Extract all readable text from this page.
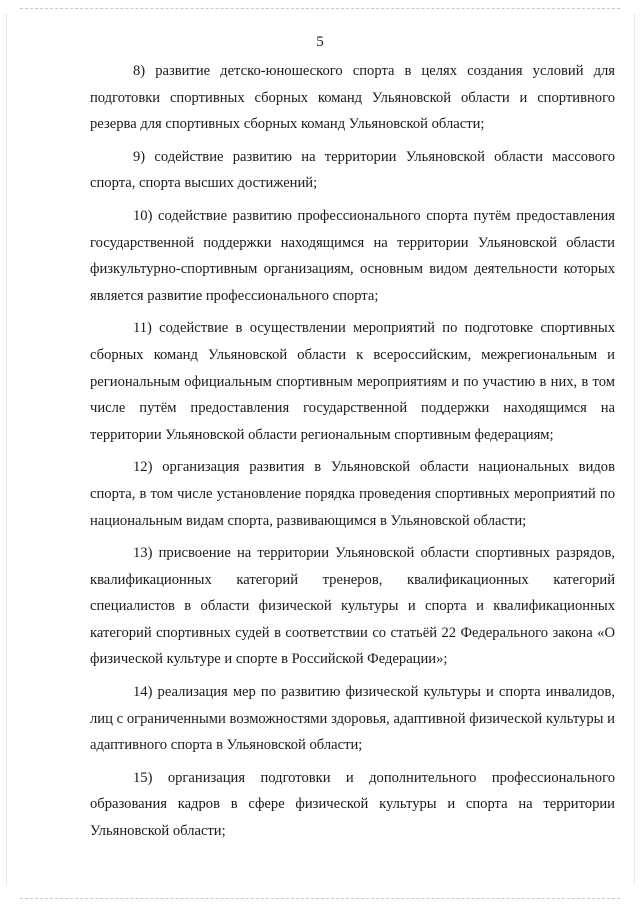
5

8) развитие детско-юношеского спорта в целях создания условий для подготовки спортивных сборных команд Ульяновской области и спортивного резерва для спортивных сборных команд Ульяновской области;

9) содействие развитию на территории Ульяновской области массового спорта, спорта высших достижений;

10) содействие развитию профессионального спорта путём предоставления государственной поддержки находящимся на территории Ульяновской области физкультурно-спортивным организациям, основным видом деятельности которых является развитие профессионального спорта;

11) содействие в осуществлении мероприятий по подготовке спортивных сборных команд Ульяновской области к всероссийским, межрегиональным и региональным официальным спортивным мероприятиям и по участию в них, в том числе путём предоставления государственной поддержки находящимся на территории Ульяновской области региональным спортивным федерациям;

12) организация развития в Ульяновской области национальных видов спорта, в том числе установление порядка проведения спортивных мероприятий по национальным видам спорта, развивающимся в Ульяновской области;

13) присвоение на территории Ульяновской области спортивных разрядов, квалификационных категорий тренеров, квалификационных категорий специалистов в области физической культуры и спорта и квалификационных категорий спортивных судей в соответствии со статьёй 22 Федерального закона «О физической культуре и спорте в Российской Федерации»;

14) реализация мер по развитию физической культуры и спорта инвалидов, лиц с ограниченными возможностями здоровья, адаптивной физической культуры и адаптивного спорта в Ульяновской области;

15) организация подготовки и дополнительного профессионального образования кадров в сфере физической культуры и спорта на территории Ульяновской области;
